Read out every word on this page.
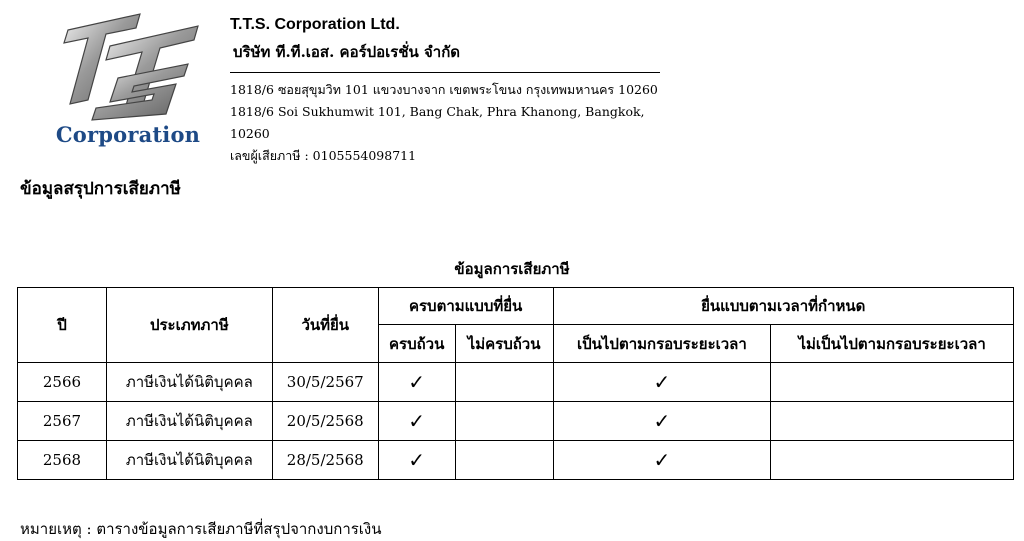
Corporation
T.T.S. Corporation Ltd.
บริษัท ที.ที.เอส. คอร์ปอเรชั่น จำกัด
1818/6 ซอยสุขุมวิท 101 แขวงบางจาก เขตพระโขนง กรุงเทพมหานคร 10260
1818/6 Soi Sukhumwit 101, Bang Chak, Phra Khanong, Bangkok, 10260
เลขผู้เสียภาษี : 0105554098711
ข้อมูลสรุปการเสียภาษี
ข้อมูลการเสียภาษี
ปี	ประเภทภาษี	วันที่ยื่น	ครบตามแบบที่ยื่น		ยื่นแบบตามเวลาที่กำหนด	
			ครบถ้วน	ไม่ครบถ้วน	เป็นไปตามกรอบระยะเวลา	ไม่เป็นไปตามกรอบระยะเวลา
2566	ภาษีเงินได้นิติบุคคล	30/5/2567	✓		✓	
2567	ภาษีเงินได้นิติบุคคล	20/5/2568	✓		✓	
2568	ภาษีเงินได้นิติบุคคล	28/5/2568	✓		✓	
หมายเหตุ : ตารางข้อมูลการเสียภาษีที่สรุปจากงบการเงิน
